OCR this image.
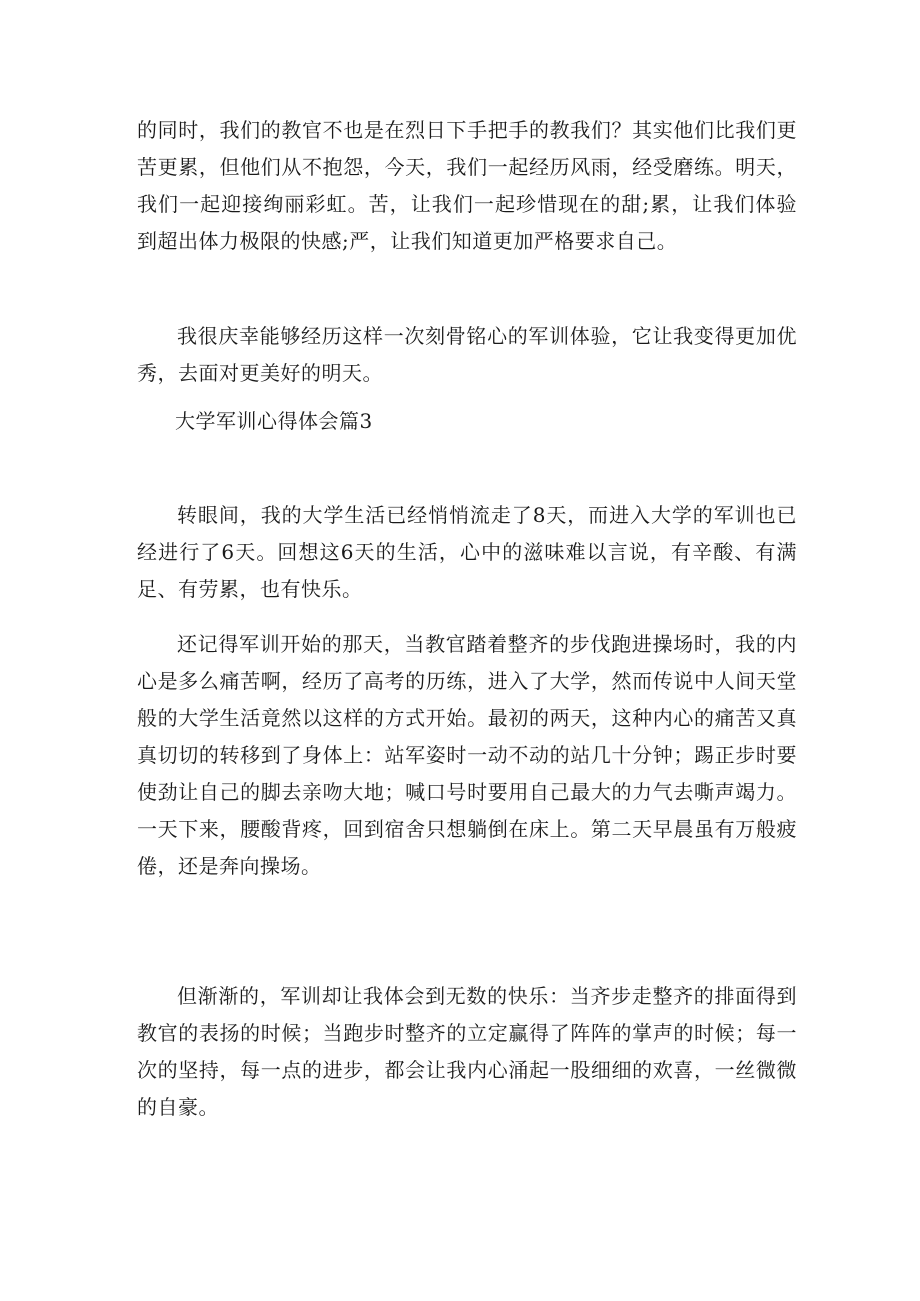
的同时，我们的教官不也是在烈日下手把手的教我们？其实他们比我们更苦更累，但他们从不抱怨，今天，我们一起经历风雨，经受磨练。明天，我们一起迎接绚丽彩虹。苦，让我们一起珍惜现在的甜;累，让我们体验到超出体力极限的快感;严，让我们知道更加严格要求自己。

我很庆幸能够经历这样一次刻骨铭心的军训体验，它让我变得更加优秀，去面对更美好的明天。

大学军训心得体会篇3

转眼间，我的大学生活已经悄悄流走了8天，而进入大学的军训也已经进行了6天。回想这6天的生活，心中的滋味难以言说，有辛酸、有满足、有劳累，也有快乐。

还记得军训开始的那天，当教官踏着整齐的步伐跑进操场时，我的内心是多么痛苦啊，经历了高考的历练，进入了大学，然而传说中人间天堂般的大学生活竟然以这样的方式开始。最初的两天，这种内心的痛苦又真真切切的转移到了身体上：站军姿时一动不动的站几十分钟；踢正步时要使劲让自己的脚去亲吻大地；喊口号时要用自己最大的力气去嘶声竭力。一天下来，腰酸背疼，回到宿舍只想躺倒在床上。第二天早晨虽有万般疲倦，还是奔向操场。

但渐渐的，军训却让我体会到无数的快乐：当齐步走整齐的排面得到教官的表扬的时候；当跑步时整齐的立定赢得了阵阵的掌声的时候；每一次的坚持，每一点的进步，都会让我内心涌起一股细细的欢喜，一丝微微的自豪。
